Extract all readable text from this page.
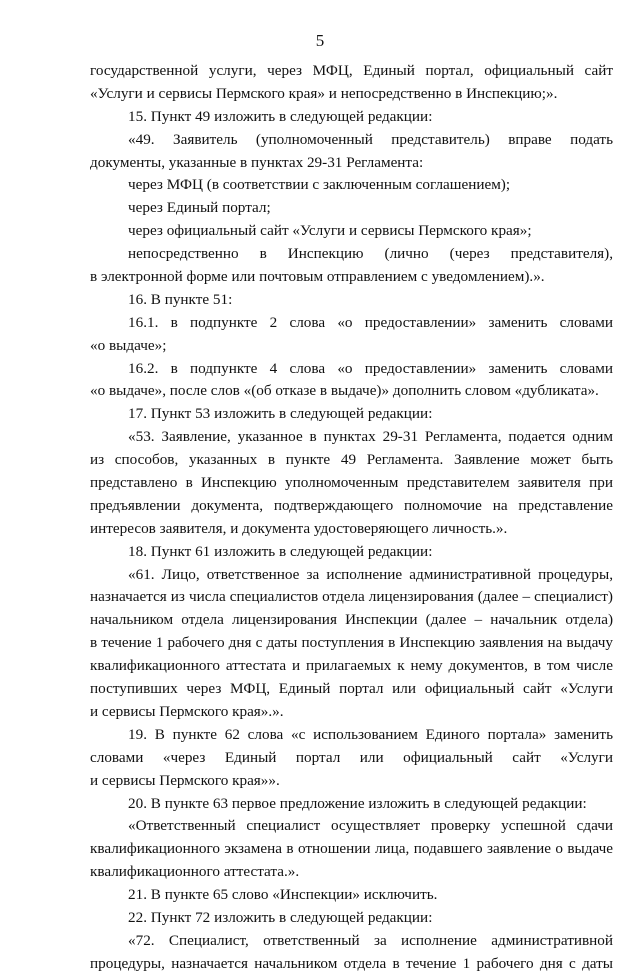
5
государственной услуги, через МФЦ, Единый портал, официальный сайт
«Услуги и сервисы Пермского края» и непосредственно в Инспекцию;».
15. Пункт 49 изложить в следующей редакции:
«49. Заявитель (уполномоченный представитель) вправе подать
документы, указанные в пунктах 29-31 Регламента:
через МФЦ (в соответствии с заключенным соглашением);
через Единый портал;
через официальный сайт «Услуги и сервисы Пермского края»;
непосредственно в Инспекцию (лично (через представителя),
в электронной форме или почтовым отправлением с уведомлением).».
16. В пункте 51:
16.1. в подпункте 2 слова «о предоставлении» заменить словами
«о выдаче»;
16.2. в подпункте 4 слова «о предоставлении» заменить словами
«о выдаче», после слов «(об отказе в выдаче)» дополнить словом «дубликата».
17. Пункт 53 изложить в следующей редакции:
«53. Заявление, указанное в пунктах 29-31 Регламента, подается одним
из способов, указанных в пункте 49 Регламента. Заявление может быть
представлено в Инспекцию уполномоченным представителем заявителя при
предъявлении документа, подтверждающего полномочие на представление
интересов заявителя, и документа удостоверяющего личность.».
18. Пункт 61 изложить в следующей редакции:
«61. Лицо, ответственное за исполнение административной процедуры,
назначается из числа специалистов отдела лицензирования (далее – специалист)
начальником отдела лицензирования Инспекции (далее – начальник отдела)
в течение 1 рабочего дня с даты поступления в Инспекцию заявления на выдачу
квалификационного аттестата и прилагаемых к нему документов, в том числе
поступивших через МФЦ, Единый портал или официальный сайт «Услуги
и сервисы Пермского края».».
19. В пункте 62 слова «с использованием Единого портала» заменить
словами «через Единый портал или официальный сайт «Услуги
и сервисы Пермского края»».
20. В пункте 63 первое предложение изложить в следующей редакции:
«Ответственный специалист осуществляет проверку успешной сдачи
квалификационного экзамена в отношении лица, подавшего заявление о выдаче
квалификационного аттестата.».
21. В пункте 65 слово «Инспекции» исключить.
22. Пункт 72 изложить в следующей редакции:
«72. Специалист, ответственный за исполнение административной
процедуры, назначается начальником отдела в течение 1 рабочего дня с даты
